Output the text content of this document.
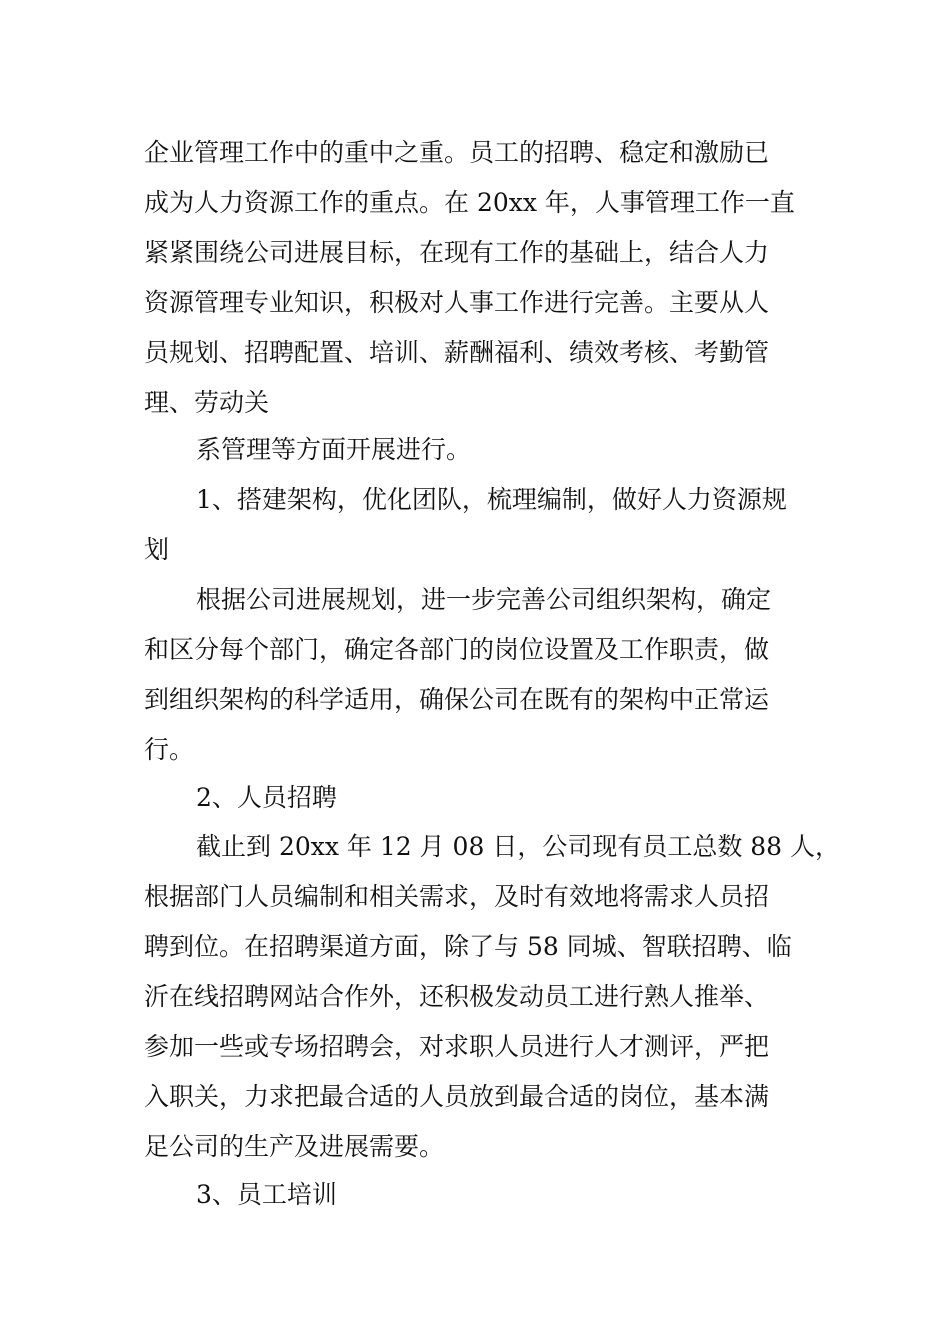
企业管理工作中的重中之重。员工的招聘、稳定和激励已
成为人力资源工作的重点。在 20xx 年，人事管理工作一直
紧紧围绕公司进展目标，在现有工作的基础上，结合人力
资源管理专业知识，积极对人事工作进行完善。主要从人
员规划、招聘配置、培训、薪酬福利、绩效考核、考勤管
理、劳动关
系管理等方面开展进行。
1、搭建架构，优化团队，梳理编制，做好人力资源规
划
根据公司进展规划，进一步完善公司组织架构，确定
和区分每个部门，确定各部门的岗位设置及工作职责，做
到组织架构的科学适用，确保公司在既有的架构中正常运
行。
2、人员招聘
截止到 20xx 年 12 月 08 日，公司现有员工总数 88 人，
根据部门人员编制和相关需求，及时有效地将需求人员招
聘到位。在招聘渠道方面，除了与 58 同城、智联招聘、临
沂在线招聘网站合作外，还积极发动员工进行熟人推举、
参加一些或专场招聘会，对求职人员进行人才测评，严把
入职关，力求把最合适的人员放到最合适的岗位，基本满
足公司的生产及进展需要。
3、员工培训
